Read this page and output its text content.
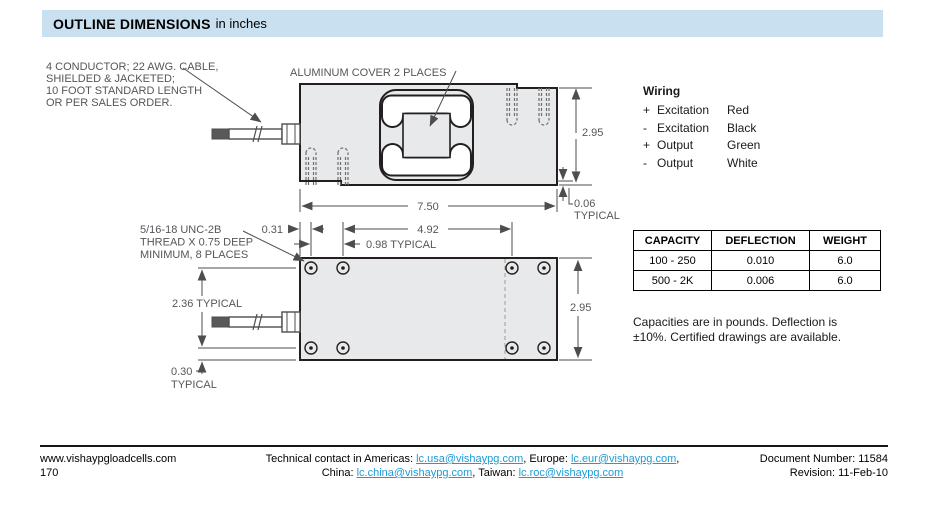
OUTLINE DIMENSIONS in inches
4 CONDUCTOR; 22 AWG. CABLE,
SHIELDED & JACKETED;
10 FOOT STANDARD LENGTH
OR PER SALES ORDER.
ALUMINUM COVER 2 PLACES
2.95
0.06
TYPICAL
7.50
5/16-18 UNC-2B
THREAD X 0.75 DEEP
MINIMUM, 8 PLACES
0.31	4.92
0.98 TYPICAL
2.36 TYPICAL
0.30
TYPICAL
2.95
Wiring
+ Excitation	Red
- Excitation	Black
+ Output	Green
- Output	White
CAPACITY	DEFLECTION	WEIGHT
100 - 250	0.010	6.0
500 - 2K	0.006	6.0
Capacities are in pounds. Deflection is
±10%. Certified drawings are available.
www.vishaypgloadcells.com
170
Technical contact in Americas: lc.usa@vishaypg.com, Europe: lc.eur@vishaypg.com,
China: lc.china@vishaypg.com, Taiwan: lc.roc@vishaypg.com
Document Number: 11584
Revision: 11-Feb-10
